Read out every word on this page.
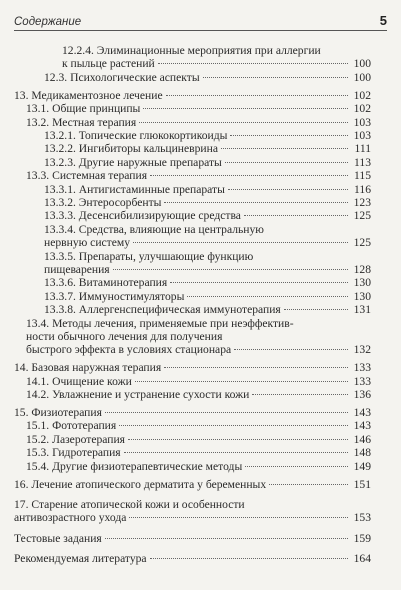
Содержание	5
12.2.4. Элиминационные мероприятия при аллергии
к пыльце растений	100
12.3. Психологические аспекты	100
13. Медикаментозное лечение	102
13.1. Общие принципы	102
13.2. Местная терапия	103
13.2.1. Топические глюкокортикоиды	103
13.2.2. Ингибиторы кальциневрина	111
13.2.3. Другие наружные препараты	113
13.3. Системная терапия	115
13.3.1. Антигистаминные препараты	116
13.3.2. Энтеросорбенты	123
13.3.3. Десенсибилизирующие средства	125
13.3.4. Средства, влияющие на центральную
нервную систему	125
13.3.5. Препараты, улучшающие функцию
пищеварения	128
13.3.6. Витаминотерапия	130
13.3.7. Иммуностимуляторы	130
13.3.8. Аллергенспецифическая иммунотерапия	131
13.4. Методы лечения, применяемые при неэффектив-
ности обычного лечения для получения
быстрого эффекта в условиях стационара	132
14. Базовая наружная терапия	133
14.1. Очищение кожи	133
14.2. Увлажнение и устранение сухости кожи	136
15. Физиотерапия	143
15.1. Фототерапия	143
15.2. Лазеротерапия	146
15.3. Гидротерапия	148
15.4. Другие физиотерапевтические методы	149
16. Лечение атопического дерматита у беременных	151
17. Старение атопической кожи и особенности
антивозрастного ухода	153
Тестовые задания	159
Рекомендуемая литература	164
